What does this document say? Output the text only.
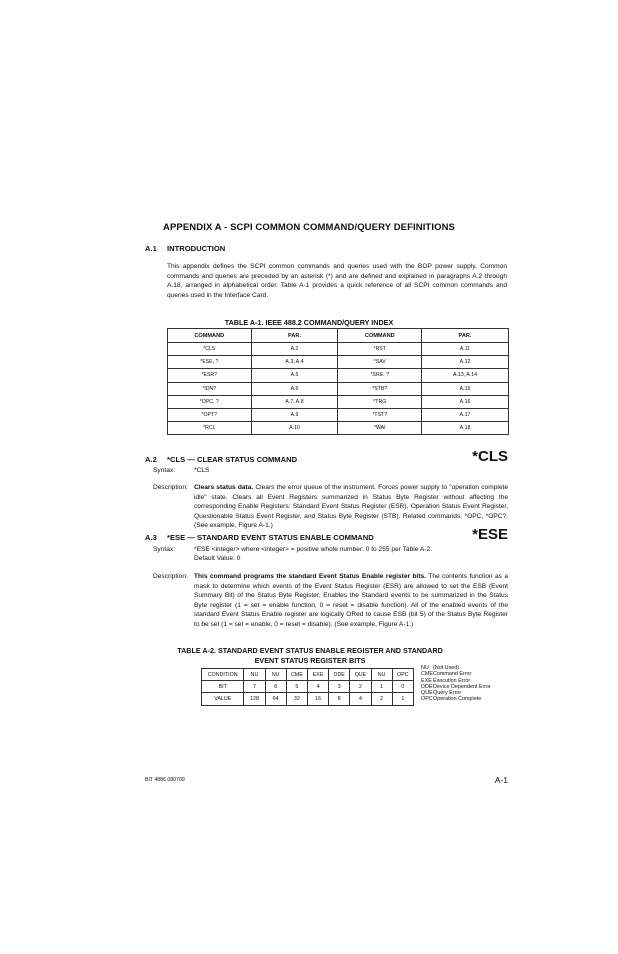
APPENDIX A - SCPI COMMON COMMAND/QUERY DEFINITIONS
A.1 INTRODUCTION
This appendix defines the SCPI common commands and queries used with the BOP power supply. Common commands and queries are preceded by an asterisk (*) and are defined and explained in paragraphs A.2 through A.18, arranged in alphabetical order. Table A-1 provides a quick reference of all SCPI common commands and queries used in the Interface Card.
TABLE A-1. IEEE 488.2 COMMAND/QUERY INDEX
COMMAND	PAR.	COMMAND	PAR.
*CLS	A.2	*RST	A.11
*ESE, ?	A.3, A.4	*SAV	A.12
*ESR?	A.5	*SRE, ?	A.13, A.14
*IDN?	A.6	*STB?	A.15
*OPC, ?	A.7, A.8	*TRG	A.16
*OPT?	A.9	*TST?	A.17
*RCL	A.10	*WAI	A.18
A.2 *CLS — CLEAR STATUS COMMAND	*CLS
Syntax:	*CLS
Description: Clears status data. Clears the error queue of the instrument. Forces power supply to "operation complete idle" state. Clears all Event Registers summarized in Status Byte Register without affecting the corresponding Enable Registers: Standard Event Status Register (ESR), Operation Status Event Register, Questionable Status Event Register, and Status Byte Register (STB). Related commands: *OPC, *OPC?. (See example, Figure A-1.)
A.3 *ESE — STANDARD EVENT STATUS ENABLE COMMAND	*ESE
Syntax:	*ESE <integer> where <integer> = positive whole number: 0 to 255 per Table A-2.
Default Value: 0
Description: This command programs the standard Event Status Enable register bits. The contents function as a mask to determine which events of the Event Status Register (ESR) are allowed to set the ESB (Event Summary Bit) of the Status Byte Register. Enables the Standard events to be summarized in the Status Byte register (1 = set = enable function, 0 = reset = disable function). All of the enabled events of the standard Event Status Enable register are logically ORed to cause ESB (bit 5) of the Status Byte Register to be set (1 = set = enable, 0 = reset = disable). (See example, Figure A-1.)
TABLE A-2. STANDARD EVENT STATUS ENABLE REGISTER AND STANDARD
EVENT STATUS REGISTER BITS
CONDITION	NU	NU	CME	EXE	DDE	QUE	NU	OPC
BIT	7	6	5	4	3	2	1	0
VALUE	128	64	32	16	8	4	2	1
NU (Not Used)
CMECommand Error
EXEExecution Error
DDEDevice Dependent Error
QUEQuery Error
OPCOperation Complete
BIT 4886 080709	A-1
